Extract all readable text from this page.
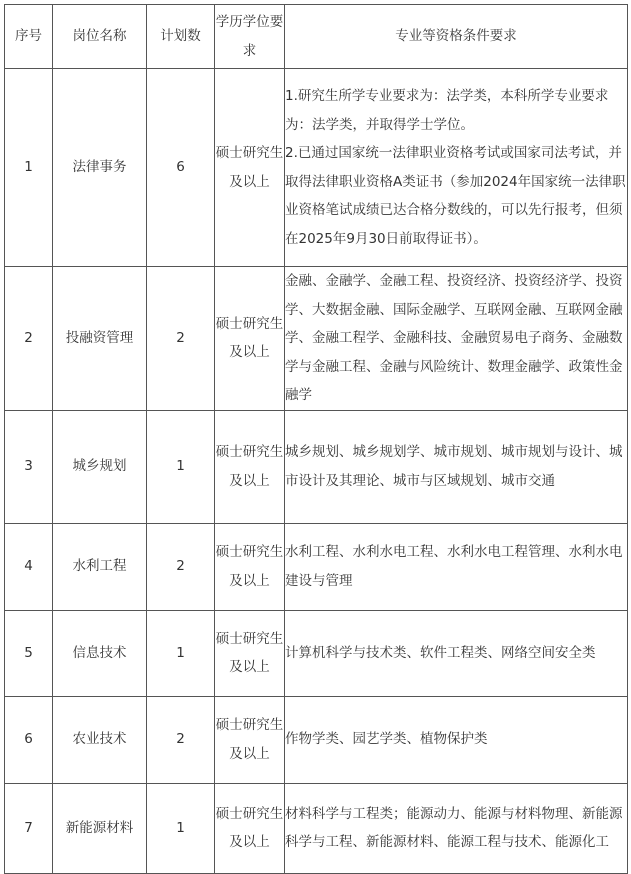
序号	岗位名称	计划数	学历学位要求	专业等资格条件要求
1	法律事务	6	硕士研究生及以上	1.研究生所学专业要求为：法学类，本科所学专业要求为：法学类，并取得学士学位。
2.已通过国家统一法律职业资格考试或国家司法考试，并取得法律职业资格A类证书（参加2024年国家统一法律职业资格笔试成绩已达合格分数线的，可以先行报考，但须在2025年9月30日前取得证书）。

2	投融资管理	2	硕士研究生及以上	金融、金融学、金融工程、投资经济、投资经济学、投资学、大数据金融、国际金融学、互联网金融、互联网金融学、金融工程学、金融科技、金融贸易电子商务、金融数学与金融工程、金融与风险统计、数理金融学、政策性金融学

3	城乡规划	1	硕士研究生及以上	城乡规划、城乡规划学、城市规划、城市规划与设计、城市设计及其理论、城市与区域规划、城市交通

4	水利工程	2	硕士研究生及以上	水利工程、水利水电工程、水利水电工程管理、水利水电建设与管理

5	信息技术	1	硕士研究生及以上	计算机科学与技术类、软件工程类、网络空间安全类

6	农业技术	2	硕士研究生及以上	作物学类、园艺学类、植物保护类

7	新能源材料	1	硕士研究生及以上	材料科学与工程类；能源动力、能源与材料物理、新能源科学与工程、新能源材料、能源工程与技术、能源化工
